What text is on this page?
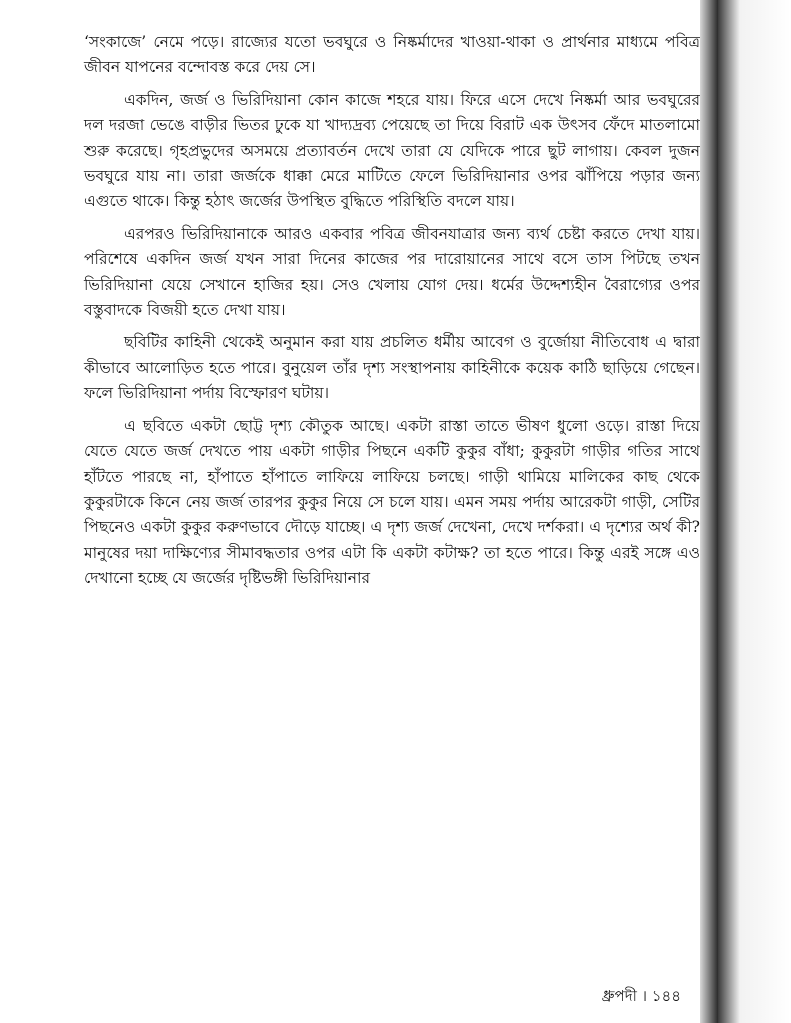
‘সংকাজে’ নেমে পড়ে। রাজ্যের যতো ভবঘুরে ও নিষ্কর্মাদের খাওয়া-থাকা ও প্রার্থনার মাধ্যমে পবিত্র জীবন যাপনের বন্দোবস্ত করে দেয় সে।

একদিন, জর্জ ও ভিরিদিয়ানা কোন কাজে শহরে যায়। ফিরে এসে দেখে নিষ্কর্মা আর ভবঘুরের দল দরজা ভেঙে বাড়ীর ভিতর ঢুকে যা খাদ্যদ্রব্য পেয়েছে তা দিয়ে বিরাট এক উৎসব ফেঁদে মাতলামো শুরু করেছে। গৃহপ্রভুদের অসময়ে প্রত্যাবর্তন দেখে তারা যে যেদিকে পারে ছুট লাগায়। কেবল দুজন ভবঘুরে যায় না। তারা জর্জকে ধাক্কা মেরে মাটিতে ফেলে ভিরিদিয়ানার ওপর ঝাঁপিয়ে পড়ার জন্য এগুতে থাকে। কিন্তু হঠাৎ জর্জের উপস্থিত বুদ্ধিতে পরিস্থিতি বদলে যায়।

এরপরও ভিরিদিয়ানাকে আরও একবার পবিত্র জীবনযাত্রার জন্য ব্যর্থ চেষ্টা করতে দেখা যায়। পরিশেষে একদিন জর্জ যখন সারা দিনের কাজের পর দারোয়ানের সাথে বসে তাস পিটছে তখন ভিরিদিয়ানা যেয়ে সেখানে হাজির হয়। সেও খেলায় যোগ দেয়। ধর্মের উদ্দেশ্যহীন বৈরাগ্যের ওপর বস্তুবাদকে বিজয়ী হতে দেখা যায়।

ছবিটির কাহিনী থেকেই অনুমান করা যায় প্রচলিত ধর্মীয় আবেগ ও বুর্জোয়া নীতিবোধ এ দ্বারা কীভাবে আলোড়িত হতে পারে। বুনুয়েল তাঁর দৃশ্য সংস্থাপনায় কাহিনীকে কয়েক কাঠি ছাড়িয়ে গেছেন। ফলে ভিরিদিয়ানা পর্দায় বিস্ফোরণ ঘটায়।

এ ছবিতে একটা ছোট্ট দৃশ্য কৌতুক আছে। একটা রাস্তা তাতে ভীষণ ধুলো ওড়ে। রাস্তা দিয়ে যেতে যেতে জর্জ দেখতে পায় একটা গাড়ীর পিছনে একটি কুকুর বাঁধা; কুকুরটা গাড়ীর গতির সাথে হাঁটতে পারছে না, হাঁপাতে হাঁপাতে লাফিয়ে লাফিয়ে চলছে। গাড়ী থামিয়ে মালিকের কাছ থেকে কুকুরটাকে কিনে নেয় জর্জ তারপর কুকুর নিয়ে সে চলে যায়। এমন সময় পর্দায় আরেকটা গাড়ী, সেটির পিছনেও একটা কুকুর করুণভাবে দৌড়ে যাচ্ছে। এ দৃশ্য জর্জ দেখেনা, দেখে দর্শকরা। এ দৃশ্যের অর্থ কী? মানুষের দয়া দাক্ষিণ্যের সীমাবদ্ধতার ওপর এটা কি একটা কটাক্ষ? তা হতে পারে। কিন্তু এরই সঙ্গে এও দেখানো হচ্ছে যে জর্জের দৃষ্টিভঙ্গী ভিরিদিয়ানার

ধ্রুপদী । ১৪৪
